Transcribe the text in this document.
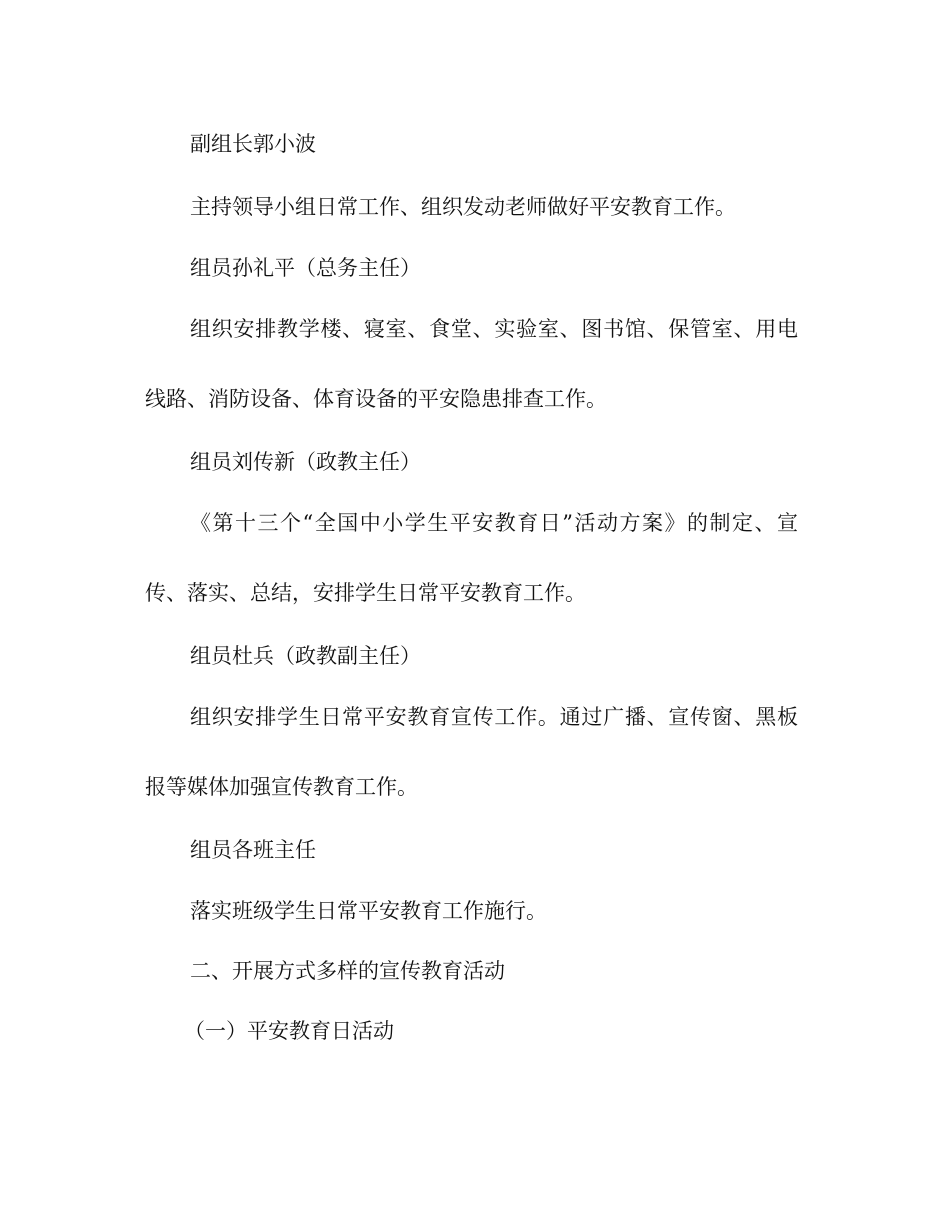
副组长郭小波

主持领导小组日常工作、组织发动老师做好平安教育工作。

组员孙礼平（总务主任）

组织安排教学楼、寝室、食堂、实验室、图书馆、保管室、用电

线路、消防设备、体育设备的平安隐患排查工作。

组员刘传新（政教主任）

《第十三个“全国中小学生平安教育日”活动方案》的制定、宣

传、落实、总结，安排学生日常平安教育工作。

组员杜兵（政教副主任）

组织安排学生日常平安教育宣传工作。通过广播、宣传窗、黑板

报等媒体加强宣传教育工作。

组员各班主任

落实班级学生日常平安教育工作施行。

二、开展方式多样的宣传教育活动

（一）平安教育日活动
